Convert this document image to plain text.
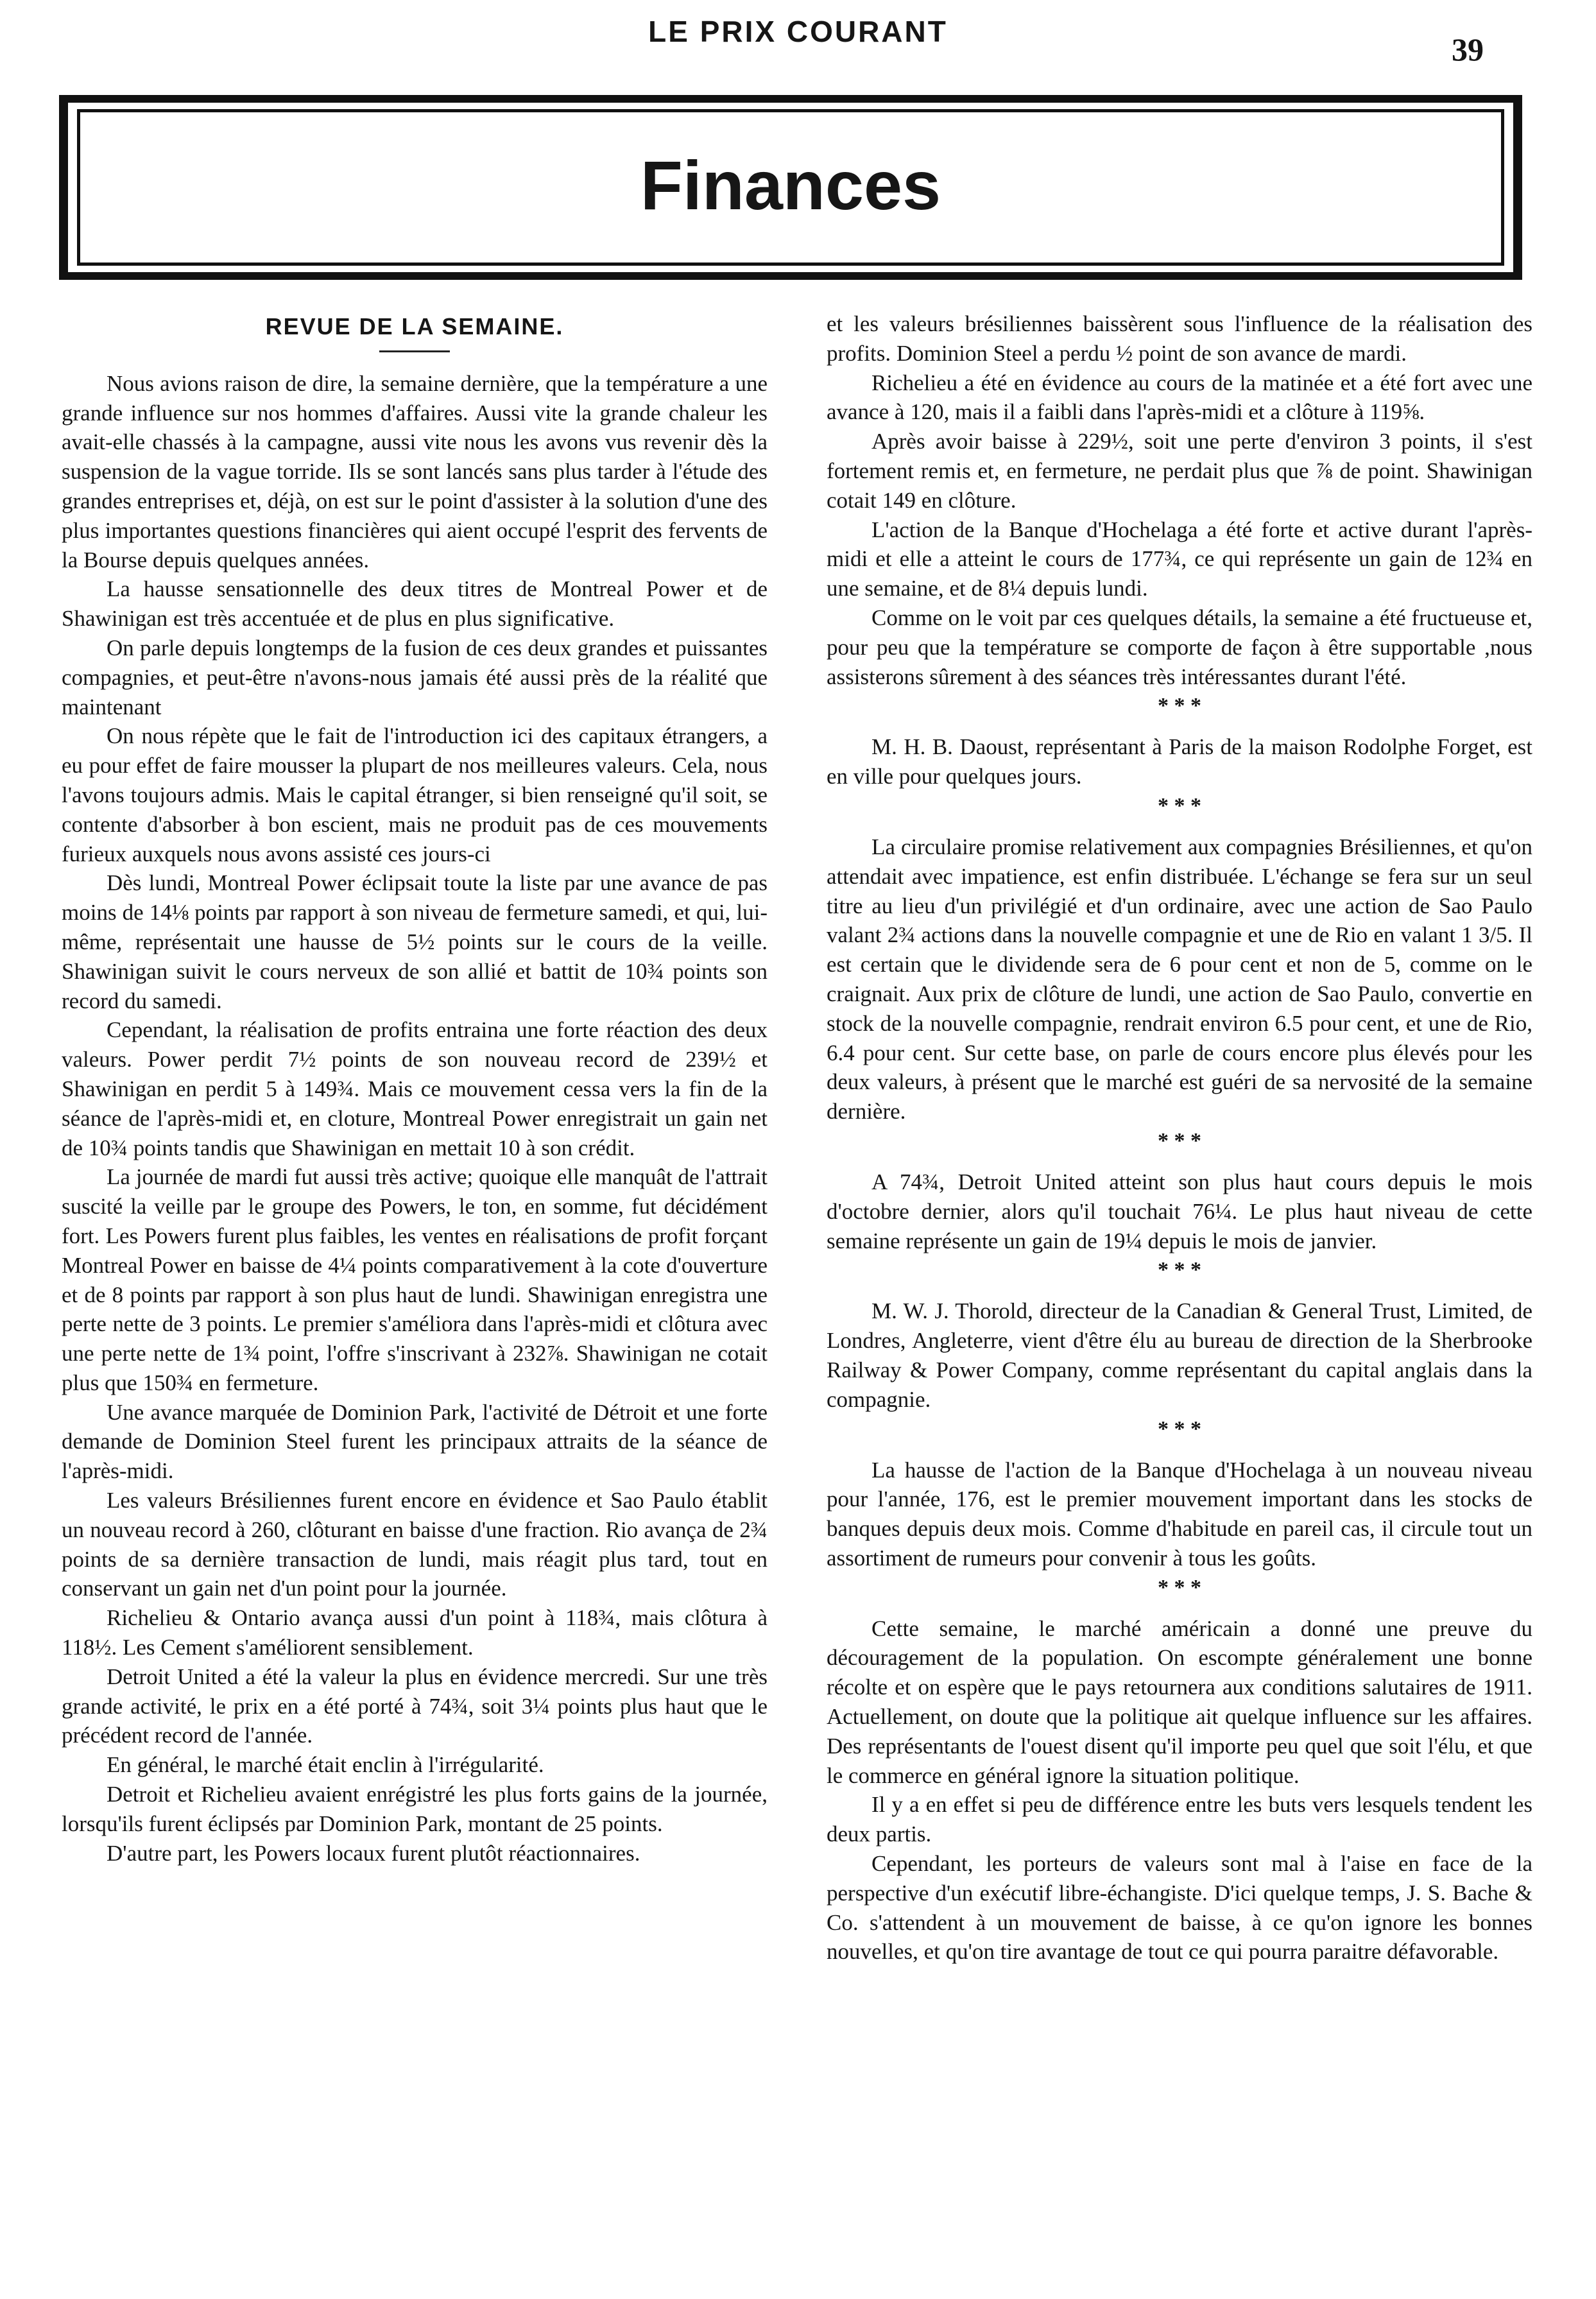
LE PRIX COURANT	39
Finances
REVUE DE LA SEMAINE.

Nous avions raison de dire, la semaine dernière, que la température a une grande influence sur nos hommes d'affaires. Aussi vite la grande chaleur les avait-elle chassés à la campagne, aussi vite nous les avons vus revenir dès la suspension de la vague torride. Ils se sont lancés sans plus tarder à l'étude des grandes entreprises et, déjà, on est sur le point d'assister à la solution d'une des plus importantes questions financières qui aient occupé l'esprit des fervents de la Bourse depuis quelques années.

La hausse sensationnelle des deux titres de Montreal Power et de Shawinigan est très accentuée et de plus en plus significative.

On parle depuis longtemps de la fusion de ces deux grandes et puissantes compagnies, et peut-être n'avons-nous jamais été aussi près de la réalité que maintenant

On nous répète que le fait de l'introduction ici des capitaux étrangers, a eu pour effet de faire mousser la plupart de nos meilleures valeurs. Cela, nous l'avons toujours admis. Mais le capital étranger, si bien renseigné qu'il soit, se contente d'absorber à bon escient, mais ne produit pas de ces mouvements furieux auxquels nous avons assisté ces jours-ci

Dès lundi, Montreal Power éclipsait toute la liste par une avance de pas moins de 14⅛ points par rapport à son niveau de fermeture samedi, et qui, lui-même, représentait une hausse de 5½ points sur le cours de la veille. Shawinigan suivit le cours nerveux de son allié et battit de 10¾ points son record du samedi.

Cependant, la réalisation de profits entraina une forte réaction des deux valeurs. Power perdit 7½ points de son nouveau record de 239½ et Shawinigan en perdit 5 à 149¾. Mais ce mouvement cessa vers la fin de la séance de l'après-midi et, en cloture, Montreal Power enregistrait un gain net de 10¾ points tandis que Shawinigan en mettait 10 à son crédit.

La journée de mardi fut aussi très active; quoique elle manquât de l'attrait suscité la veille par le groupe des Powers, le ton, en somme, fut décidément fort. Les Powers furent plus faibles, les ventes en réalisations de profit forçant Montreal Power en baisse de 4¼ points comparativement à la cote d'ouverture et de 8 points par rapport à son plus haut de lundi. Shawinigan enregistra une perte nette de 3 points. Le premier s'améliora dans l'après-midi et clôtura avec une perte nette de 1¾ point, l'offre s'inscrivant à 232⅞. Shawinigan ne cotait plus que 150¾ en fermeture.

Une avance marquée de Dominion Park, l'activité de Détroit et une forte demande de Dominion Steel furent les principaux attraits de la séance de l'après-midi.

Les valeurs Brésiliennes furent encore en évidence et Sao Paulo établit un nouveau record à 260, clôturant en baisse d'une fraction. Rio avança de 2¾ points de sa dernière transaction de lundi, mais réagit plus tard, tout en conservant un gain net d'un point pour la journée.

Richelieu & Ontario avança aussi d'un point à 118¾, mais clôtura à 118½. Les Cement s'améliorent sensiblement.

Detroit United a été la valeur la plus en évidence mercredi. Sur une très grande activité, le prix en a été porté à 74¾, soit 3¼ points plus haut que le précédent record de l'année.

En général, le marché était enclin à l'irrégularité.

Detroit et Richelieu avaient enrégistré les plus forts gains de la journée, lorsqu'ils furent éclipsés par Dominion Park, montant de 25 points.

D'autre part, les Powers locaux furent plutôt réactionnaires.

et les valeurs brésiliennes baissèrent sous l'influence de la réalisation des profits. Dominion Steel a perdu ½ point de son avance de mardi.

Richelieu a été en évidence au cours de la matinée et a été fort avec une avance à 120, mais il a faibli dans l'après-midi et a clôture à 119⅝.

Après avoir baisse à 229½, soit une perte d'environ 3 points, il s'est fortement remis et, en fermeture, ne perdait plus que ⅞ de point. Shawinigan cotait 149 en clôture.

L'action de la Banque d'Hochelaga a été forte et active durant l'après-midi et elle a atteint le cours de 177¾, ce qui représente un gain de 12¾ en une semaine, et de 8¼ depuis lundi.

Comme on le voit par ces quelques détails, la semaine a été fructueuse et, pour peu que la température se comporte de façon à être supportable ,nous assisterons sûrement à des séances très intéressantes durant l'été.

* * *

M. H. B. Daoust, représentant à Paris de la maison Rodolphe Forget, est en ville pour quelques jours.

* * *

La circulaire promise relativement aux compagnies Brésiliennes, et qu'on attendait avec impatience, est enfin distribuée. L'échange se fera sur un seul titre au lieu d'un privilégié et d'un ordinaire, avec une action de Sao Paulo valant 2¾ actions dans la nouvelle compagnie et une de Rio en valant 1 3/5. Il est certain que le dividende sera de 6 pour cent et non de 5, comme on le craignait. Aux prix de clôture de lundi, une action de Sao Paulo, convertie en stock de la nouvelle compagnie, rendrait environ 6.5 pour cent, et une de Rio, 6.4 pour cent. Sur cette base, on parle de cours encore plus élevés pour les deux valeurs, à présent que le marché est guéri de sa nervosité de la semaine dernière.

* * *

A 74¾, Detroit United atteint son plus haut cours depuis le mois d'octobre dernier, alors qu'il touchait 76¼. Le plus haut niveau de cette semaine représente un gain de 19¼ depuis le mois de janvier.

* * *

M. W. J. Thorold, directeur de la Canadian & General Trust, Limited, de Londres, Angleterre, vient d'être élu au bureau de direction de la Sherbrooke Railway & Power Company, comme représentant du capital anglais dans la compagnie.

* * *

La hausse de l'action de la Banque d'Hochelaga à un nouveau niveau pour l'année, 176, est le premier mouvement important dans les stocks de banques depuis deux mois. Comme d'habitude en pareil cas, il circule tout un assortiment de rumeurs pour convenir à tous les goûts.

* * *

Cette semaine, le marché américain a donné une preuve du découragement de la population. On escompte généralement une bonne récolte et on espère que le pays retournera aux conditions salutaires de 1911. Actuellement, on doute que la politique ait quelque influence sur les affaires. Des représentants de l'ouest disent qu'il importe peu quel que soit l'élu, et que le commerce en général ignore la situation politique.

Il y a en effet si peu de différence entre les buts vers lesquels tendent les deux partis.

Cependant, les porteurs de valeurs sont mal à l'aise en face de la perspective d'un exécutif libre-échangiste. D'ici quelque temps, J. S. Bache & Co. s'attendent à un mouvement de baisse, à ce qu'on ignore les bonnes nouvelles, et qu'on tire avantage de tout ce qui pourra paraitre défavorable.
